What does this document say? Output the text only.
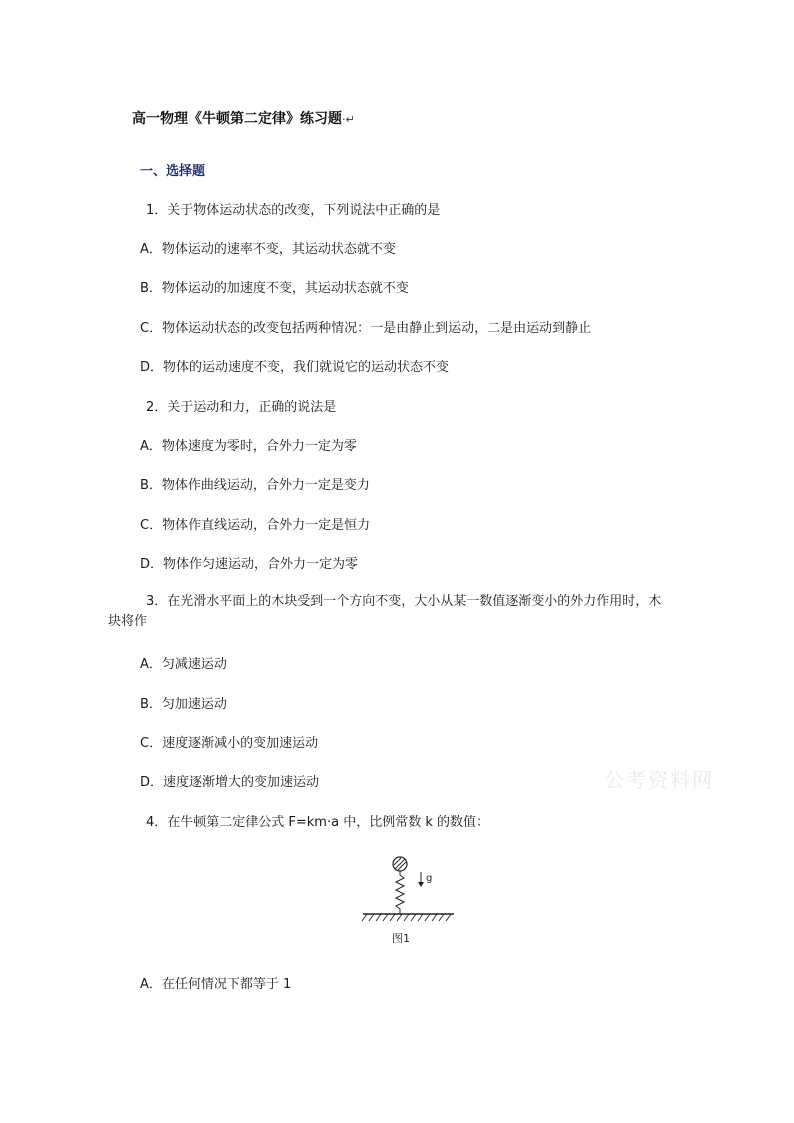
高一物理《牛顿第二定律》练习题·↵
一、选择题
1．关于物体运动状态的改变，下列说法中正确的是
A．物体运动的速率不变，其运动状态就不变
B．物体运动的加速度不变，其运动状态就不变
C．物体运动状态的改变包括两种情况：一是由静止到运动，二是由运动到静止
D．物体的运动速度不变，我们就说它的运动状态不变
2．关于运动和力，正确的说法是
A．物体速度为零时，合外力一定为零
B．物体作曲线运动，合外力一定是变力
C．物体作直线运动，合外力一定是恒力
D．物体作匀速运动，合外力一定为零
3．在光滑水平面上的木块受到一个方向不变，大小从某一数值逐渐变小的外力作用时，木块将作
A．匀减速运动
B．匀加速运动
C．速度逐渐减小的变加速运动
D．速度逐渐增大的变加速运动
4．在牛顿第二定律公式 F=km·a 中，比例常数 k 的数值：
g
图1
A．在任何情况下都等于 1
公考资料网
